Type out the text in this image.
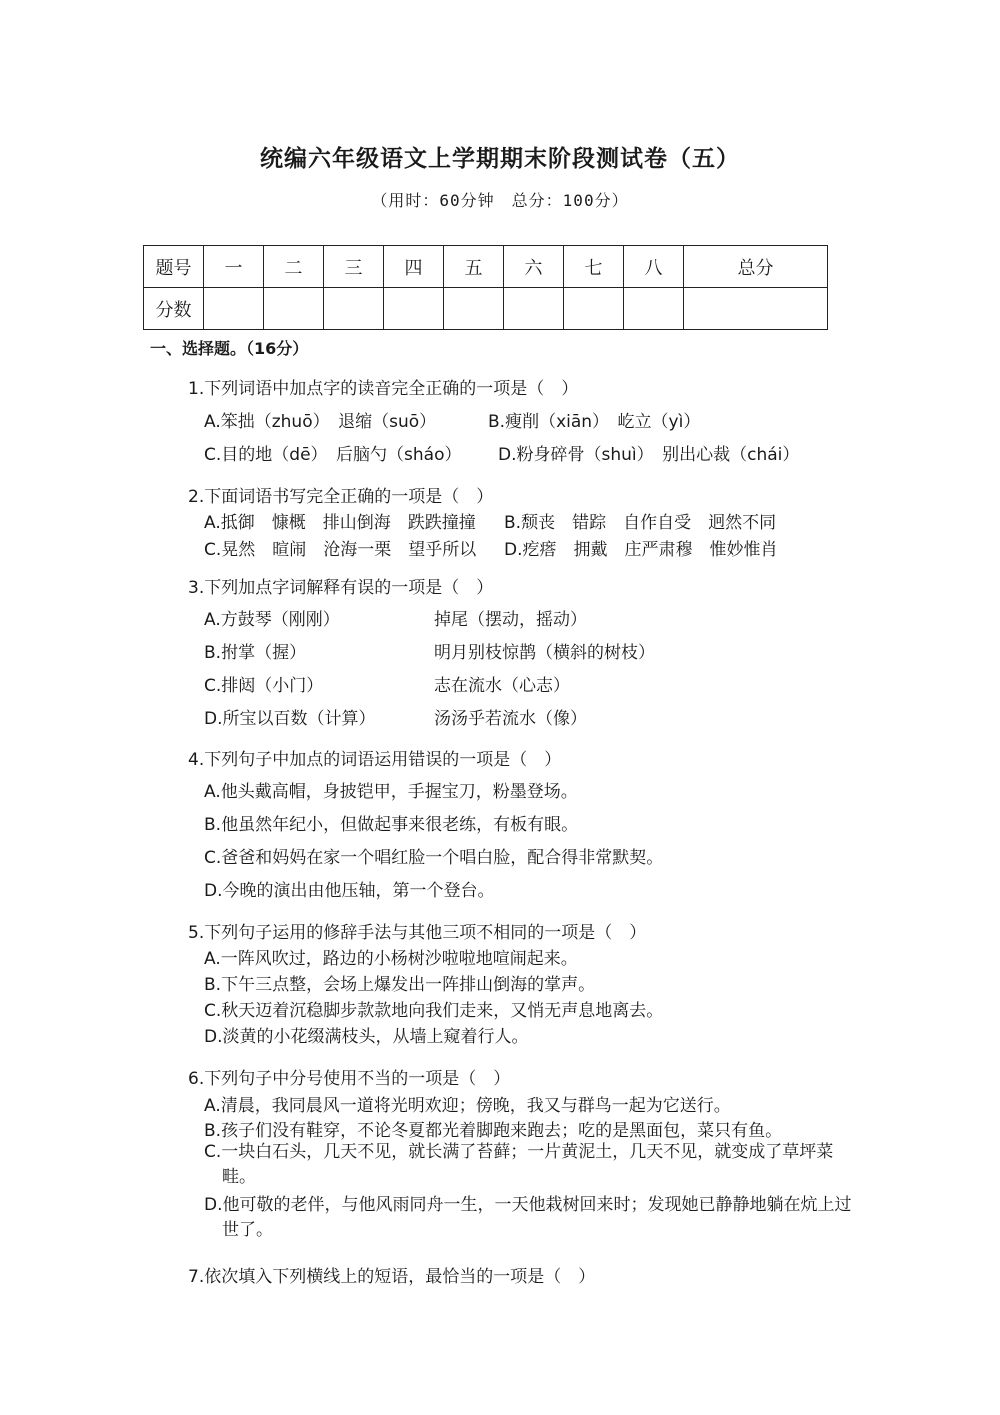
统编六年级语文上学期期末阶段测试卷（五）
（用时：60分钟　总分：100分）
题号	一	二	三	四	五	六	七	八	总分
分数									
一、选择题。（16分）
1.下列词语中加点字的读音完全正确的一项是（　）
A.笨拙（zhuō）　退缩（suō）	B.瘦削（xiān）　屹立（yì）
C.目的地（dē）　后脑勺（sháo） D.粉身碎骨（shuì）　别出心裁（chái）
2.下面词语书写完全正确的一项是（　）
A.抵御　慷概　排山倒海　跌跌撞撞 B.颓丧　错踪　自作自受　迥然不同
C.晃然　暄闹　沧海一栗　望乎所以 D.疙瘩　拥戴　庄严肃穆　惟妙惟肖
3.下列加点字词解释有误的一项是（　）
A.方鼓琴（刚刚）	掉尾（摆动，摇动）
B.拊掌（握）	明月别枝惊鹊（横斜的树枝）
C.排闼（小门）	志在流水（心志）
D.所宝以百数（计算）	汤汤乎若流水（像）
4.下列句子中加点的词语运用错误的一项是（　）
A.他头戴高帽，身披铠甲，手握宝刀，粉墨登场。
B.他虽然年纪小，但做起事来很老练，有板有眼。
C.爸爸和妈妈在家一个唱红脸一个唱白脸，配合得非常默契。
D.今晚的演出由他压轴，第一个登台。
5.下列句子运用的修辞手法与其他三项不相同的一项是（　）
A.一阵风吹过，路边的小杨树沙啦啦地喧闹起来。
B.下午三点整，会场上爆发出一阵排山倒海的掌声。
C.秋天迈着沉稳脚步款款地向我们走来，又悄无声息地离去。
D.淡黄的小花缀满枝头，从墙上窥着行人。
6.下列句子中分号使用不当的一项是（　）
A.清晨，我同晨风一道将光明欢迎；傍晚，我又与群鸟一起为它送行。
B.孩子们没有鞋穿，不论冬夏都光着脚跑来跑去；吃的是黑面包，菜只有鱼。
C.一块白石头，几天不见，就长满了苔藓；一片黄泥土，几天不见，就变成了草坪菜畦。
D.他可敬的老伴，与他风雨同舟一生，一天他栽树回来时；发现她已静静地躺在炕上过世了。
7.依次填入下列横线上的短语，最恰当的一项是（　）
